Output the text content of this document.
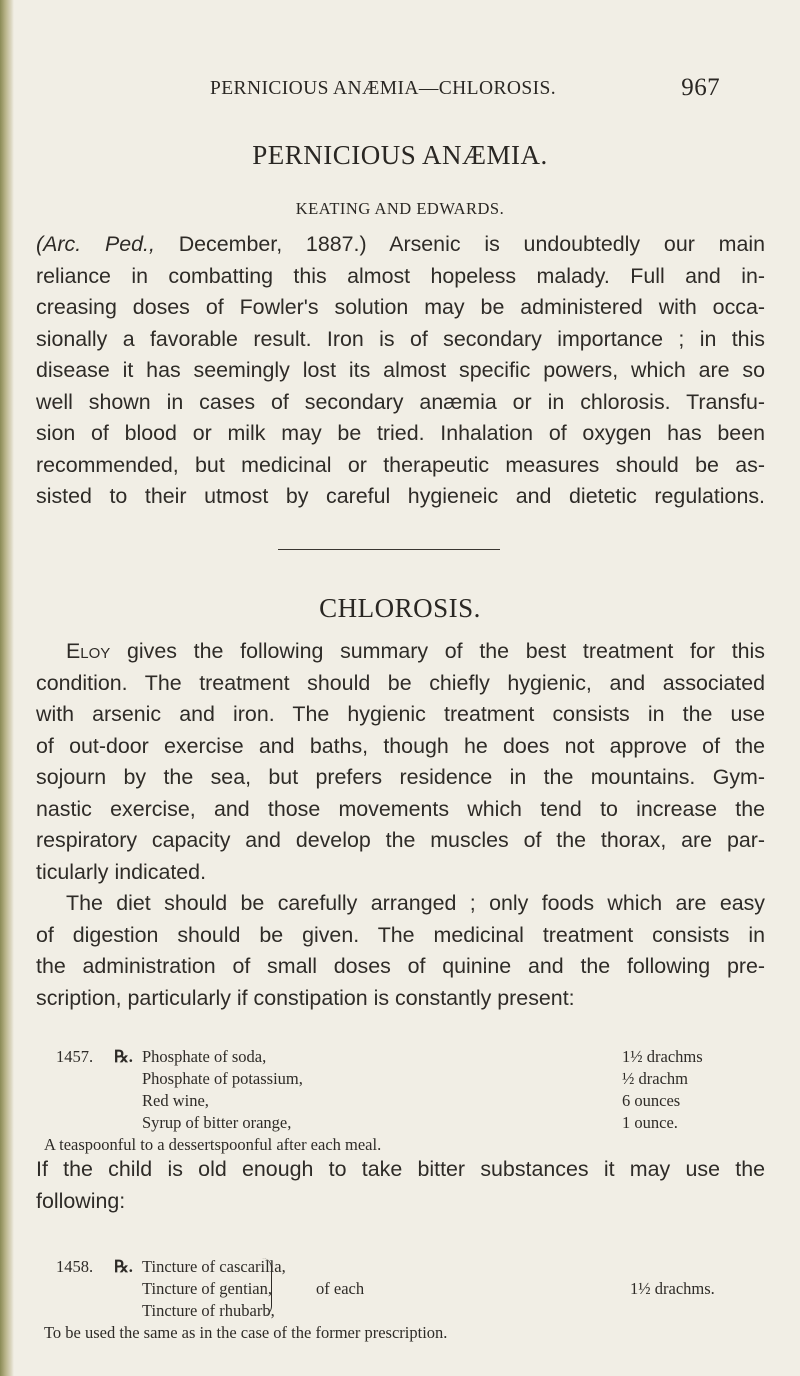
PERNICIOUS ANÆMIA—CHLOROSIS.	967
PERNICIOUS ANÆMIA.
KEATING AND EDWARDS.
(Arc. Ped., December, 1887.) Arsenic is undoubtedly our main
reliance in combatting this almost hopeless malady. Full and in-
creasing doses of Fowler's solution may be administered with occa-
sionally a favorable result. Iron is of secondary importance ; in this
disease it has seemingly lost its almost specific powers, which are so
well shown in cases of secondary anæmia or in chlorosis. Transfu-
sion of blood or milk may be tried. Inhalation of oxygen has been
recommended, but medicinal or therapeutic measures should be as-
sisted to their utmost by careful hygieneic and dietetic regulations.
CHLOROSIS.
Eloy gives the following summary of the best treatment for this
condition. The treatment should be chiefly hygienic, and associated
with arsenic and iron. The hygienic treatment consists in the use
of out-door exercise and baths, though he does not approve of the
sojourn by the sea, but prefers residence in the mountains. Gym-
nastic exercise, and those movements which tend to increase the
respiratory capacity and develop the muscles of the thorax, are par-
ticularly indicated.
The diet should be carefully arranged ; only foods which are easy
of digestion should be given. The medicinal treatment consists in
the administration of small doses of quinine and the following pre-
scription, particularly if constipation is constantly present:
1457. ℞. Phosphate of soda,	1½ drachms
Phosphate of potassium,	½ drachm
Red wine,	6 ounces
Syrup of bitter orange,	1 ounce.
A teaspoonful to a dessertspoonful after each meal.
If the child is old enough to take bitter substances it may use the
following:
1458. ℞. Tincture of cascarilla,
Tincture of gentian,	of each	1½ drachms.
Tincture of rhubarb,
To be used the same as in the case of the former prescription.
